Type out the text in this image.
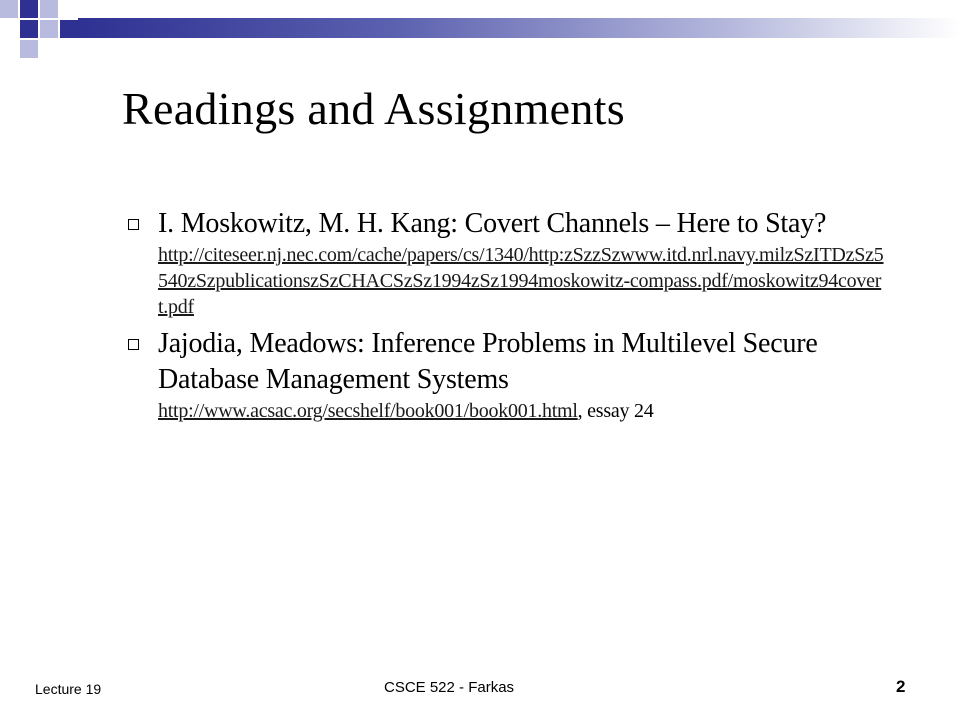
Readings and Assignments
I. Moskowitz, M. H. Kang: Covert Channels – Here to Stay?
http://citeseer.nj.nec.com/cache/papers/cs/1340/http:zSzzSzwww.itd.nrl.navy.milzSzITDzSz5540zSzpublicationszSzCHACSzSz1994zSz1994moskowitz-compass.pdf/moskowitz94covert.pdf
Jajodia, Meadows: Inference Problems in Multilevel Secure Database Management Systems
http://www.acsac.org/secshelf/book001/book001.html, essay 24
Lecture 19	CSCE 522 - Farkas	2
